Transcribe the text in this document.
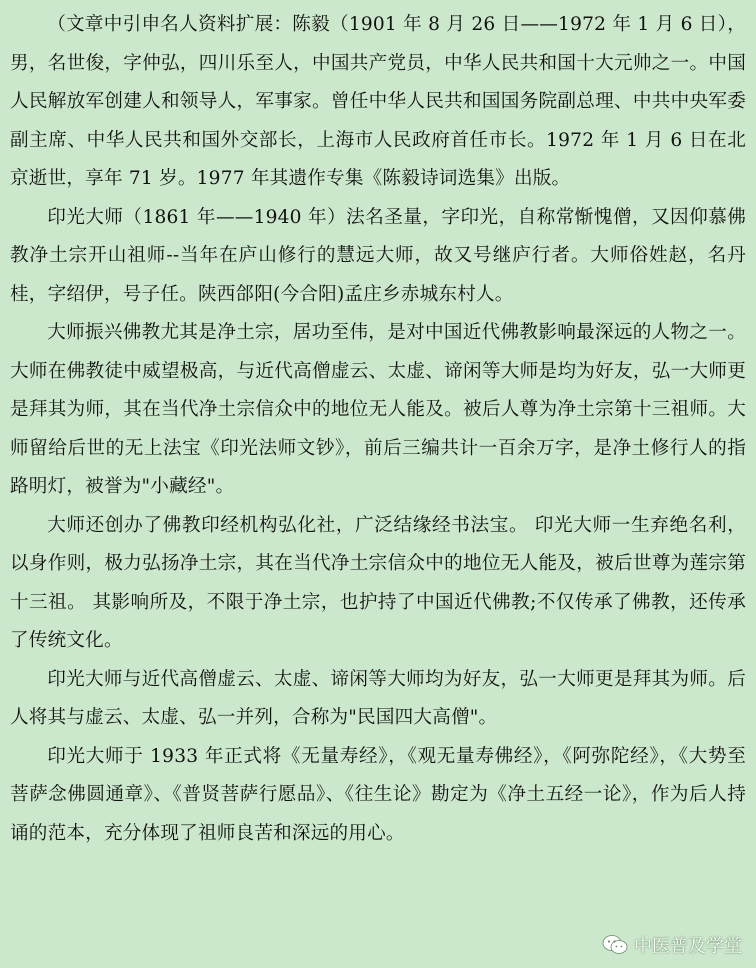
（文章中引申名人资料扩展：陈毅（1901 年 8 月 26 日——1972 年 1 月 6 日），男，名世俊，字仲弘，四川乐至人，中国共产党员，中华人民共和国十大元帅之一。中国人民解放军创建人和领导人，军事家。曾任中华人民共和国国务院副总理、中共中央军委副主席、中华人民共和国外交部长，上海市人民政府首任市长。1972 年 1 月 6 日在北京逝世，享年 71 岁。1977 年其遗作专集《陈毅诗词选集》出版。

印光大师（1861 年——1940 年）法名圣量，字印光，自称常惭愧僧，又因仰慕佛教净土宗开山祖师--当年在庐山修行的慧远大师，故又号继庐行者。大师俗姓赵，名丹桂，字绍伊，号子任。陕西郃阳(今合阳)孟庄乡赤城东村人。

大师振兴佛教尤其是净土宗，居功至伟，是对中国近代佛教影响最深远的人物之一。大师在佛教徒中威望极高，与近代高僧虚云、太虚、谛闲等大师是均为好友，弘一大师更是拜其为师，其在当代净土宗信众中的地位无人能及。被后人尊为净土宗第十三祖师。大师留给后世的无上法宝《印光法师文钞》，前后三编共计一百余万字，是净土修行人的指路明灯，被誉为"小藏经"。

大师还创办了佛教印经机构弘化社，广泛结缘经书法宝。 印光大师一生弃绝名利，以身作则，极力弘扬净土宗，其在当代净土宗信众中的地位无人能及，被后世尊为莲宗第十三祖。 其影响所及，不限于净土宗，也护持了中国近代佛教;不仅传承了佛教，还传承了传统文化。

印光大师与近代高僧虚云、太虚、谛闲等大师均为好友，弘一大师更是拜其为师。后人将其与虚云、太虚、弘一并列，合称为"民国四大高僧"。

印光大师于 1933 年正式将《无量寿经》，《观无量寿佛经》，《阿弥陀经》，《大势至菩萨念佛圆通章》、《普贤菩萨行愿品》、《往生论》勘定为《净土五经一论》，作为后人持诵的范本，充分体现了祖师良苦和深远的用心。

中医普及学堂
